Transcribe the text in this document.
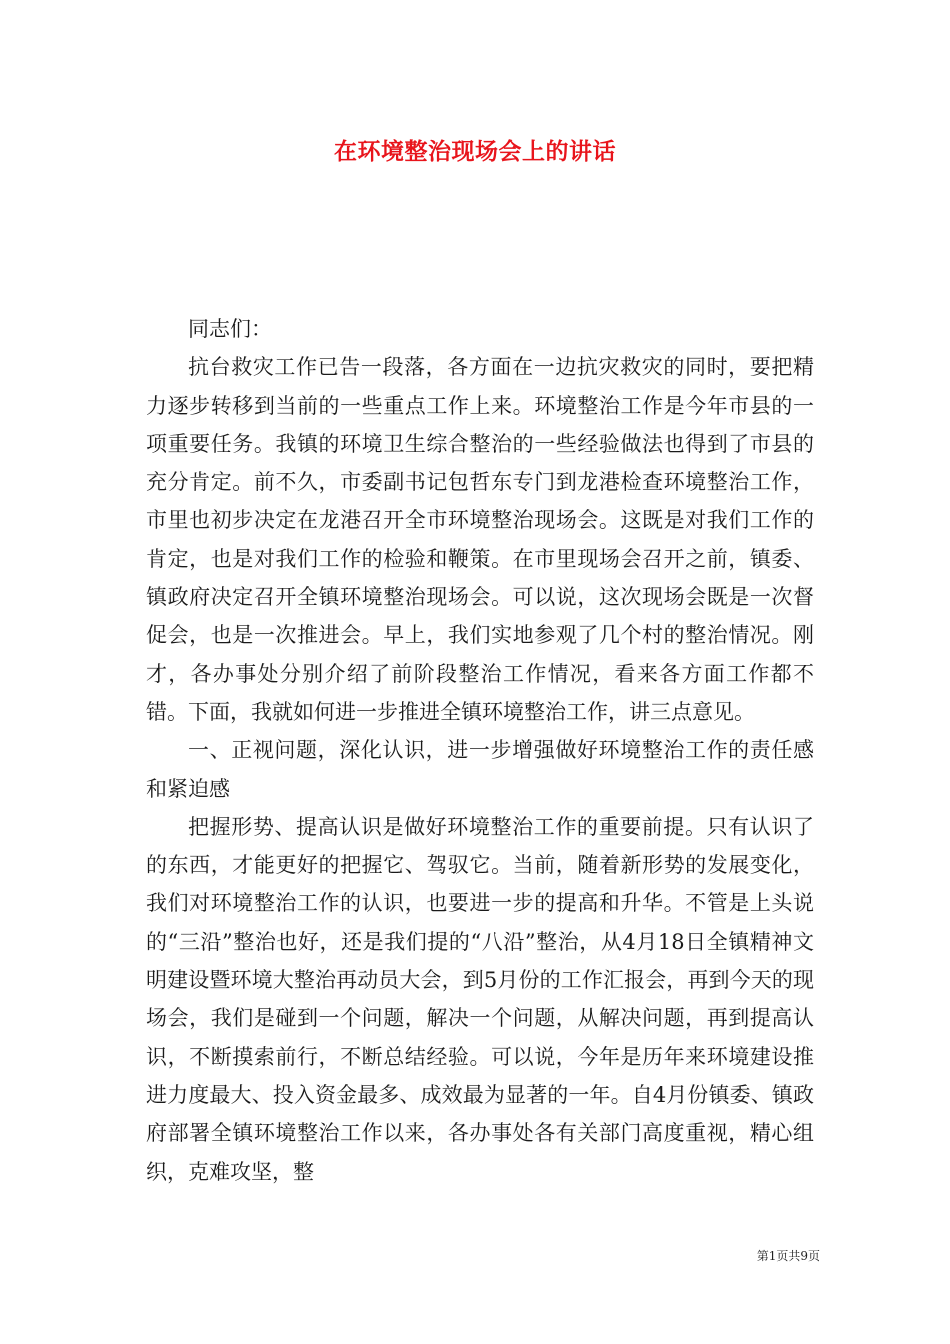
在环境整治现场会上的讲话

同志们：

抗台救灾工作已告一段落，各方面在一边抗灾救灾的同时，要把精力逐步转移到当前的一些重点工作上来。环境整治工作是今年市县的一项重要任务。我镇的环境卫生综合整治的一些经验做法也得到了市县的充分肯定。前不久，市委副书记包哲东专门到龙港检查环境整治工作，市里也初步决定在龙港召开全市环境整治现场会。这既是对我们工作的肯定，也是对我们工作的检验和鞭策。在市里现场会召开之前，镇委、镇政府决定召开全镇环境整治现场会。可以说，这次现场会既是一次督促会，也是一次推进会。早上，我们实地参观了几个村的整治情况。刚才，各办事处分别介绍了前阶段整治工作情况，看来各方面工作都不错。下面，我就如何进一步推进全镇环境整治工作，讲三点意见。

一、正视问题，深化认识，进一步增强做好环境整治工作的责任感和紧迫感

把握形势、提高认识是做好环境整治工作的重要前提。只有认识了的东西，才能更好的把握它、驾驭它。当前，随着新形势的发展变化，我们对环境整治工作的认识，也要进一步的提高和升华。不管是上头说的“三沿”整治也好，还是我们提的“八沿”整治，从4月18日全镇精神文明建设暨环境大整治再动员大会，到5月份的工作汇报会，再到今天的现场会，我们是碰到一个问题，解决一个问题，从解决问题，再到提高认识，不断摸索前行，不断总结经验。可以说，今年是历年来环境建设推进力度最大、投入资金最多、成效最为显著的一年。自4月份镇委、镇政府部署全镇环境整治工作以来，各办事处各有关部门高度重视，精心组织，克难攻坚，整

第1页共9页
